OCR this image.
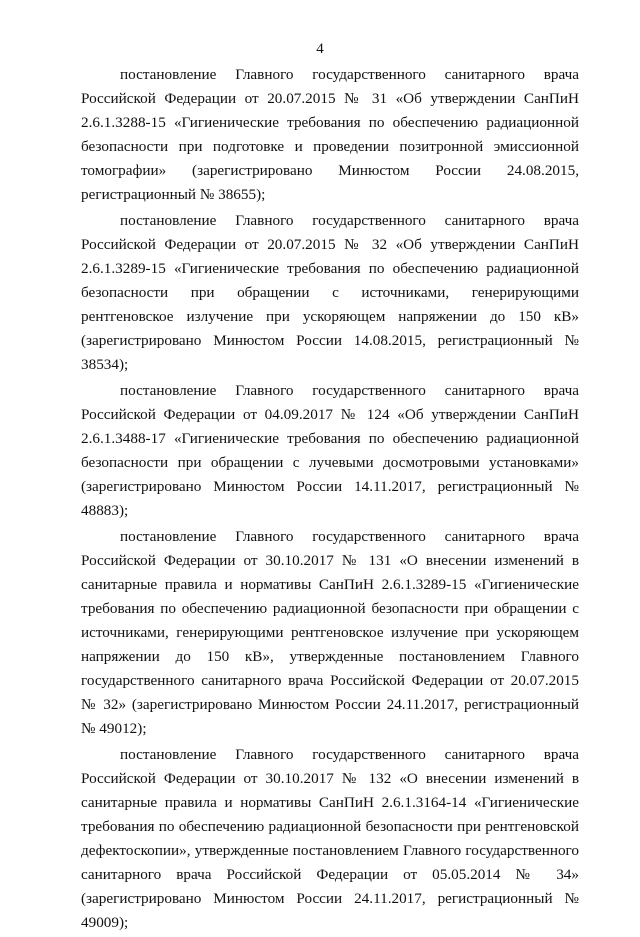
4

постановление Главного государственного санитарного врача Российской Федерации от 20.07.2015 № 31 «Об утверждении СанПиН 2.6.1.3288-15 «Гигиенические требования по обеспечению радиационной безопасности при подготовке и проведении позитронной эмиссионной томографии» (зарегистрировано Минюстом России 24.08.2015, регистрационный № 38655);

постановление Главного государственного санитарного врача Российской Федерации от 20.07.2015 № 32 «Об утверждении СанПиН 2.6.1.3289-15 «Гигиенические требования по обеспечению радиационной безопасности при обращении с источниками, генерирующими рентгеновское излучение при ускоряющем напряжении до 150 кВ» (зарегистрировано Минюстом России 14.08.2015, регистрационный № 38534);

постановление Главного государственного санитарного врача Российской Федерации от 04.09.2017 № 124 «Об утверждении СанПиН 2.6.1.3488-17 «Гигиенические требования по обеспечению радиационной безопасности при обращении с лучевыми досмотровыми установками» (зарегистрировано Минюстом России 14.11.2017, регистрационный № 48883);

постановление Главного государственного санитарного врача Российской Федерации от 30.10.2017 № 131 «О внесении изменений в санитарные правила и нормативы СанПиН 2.6.1.3289-15 «Гигиенические требования по обеспечению радиационной безопасности при обращении с источниками, генерирующими рентгеновское излучение при ускоряющем напряжении до 150 кВ», утвержденные постановлением Главного государственного санитарного врача Российской Федерации от 20.07.2015 № 32» (зарегистрировано Минюстом России 24.11.2017, регистрационный № 49012);

постановление Главного государственного санитарного врача Российской Федерации от 30.10.2017 № 132 «О внесении изменений в санитарные правила и нормативы СанПиН 2.6.1.3164-14 «Гигиенические требования по обеспечению радиационной безопасности при рентгеновской дефектоскопии», утвержденные постановлением Главного государственного санитарного врача Российской Федерации от 05.05.2014 № 34» (зарегистрировано Минюстом России 24.11.2017, регистрационный № 49009);
